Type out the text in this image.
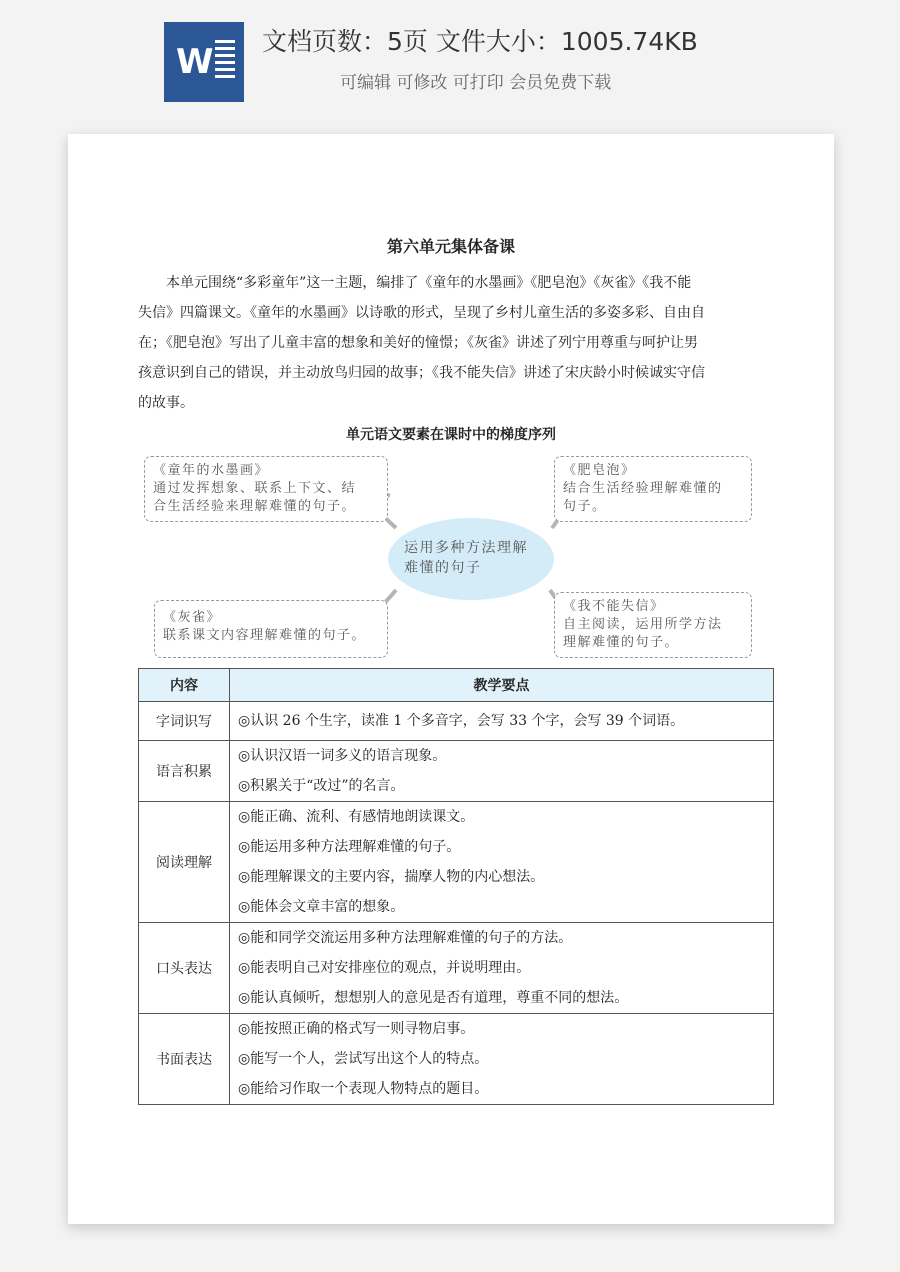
W
文档页数：5页 文件大小：1005.74KB
可编辑 可修改 可打印 会员免费下载
第六单元集体备课
本单元围绕“多彩童年”这一主题，编排了《童年的水墨画》《肥皂泡》《灰雀》《我不能
失信》四篇课文。《童年的水墨画》以诗歌的形式，呈现了乡村儿童生活的多姿多彩、自由自
在；《肥皂泡》写出了儿童丰富的想象和美好的憧憬；《灰雀》讲述了列宁用尊重与呵护让男
孩意识到自己的错误，并主动放鸟归园的故事；《我不能失信》讲述了宋庆龄小时候诚实守信
的故事。
单元语文要素在课时中的梯度序列
《童年的水墨画》
通过发挥想象、联系上下文、结
合生活经验来理解难懂的句子。
《肥皂泡》
结合生活经验理解难懂的
句子。
运用多种方法理解
难懂的句子
《灰雀》
联系课文内容理解难懂的句子。
《我不能失信》
自主阅读，运用所学方法
理解难懂的句子。
内容	教学要点
字词识写	◎认识 26 个生字，读准 1 个多音字，会写 33 个字，会写 39 个词语。

语言积累	◎认识汉语一词多义的语言现象。
◎积累关于“改过”的名言。

阅读理解	◎能正确、流利、有感情地朗读课文。
◎能运用多种方法理解难懂的句子。
◎能理解课文的主要内容，揣摩人物的内心想法。
◎能体会文章丰富的想象。

口头表达	◎能和同学交流运用多种方法理解难懂的句子的方法。
◎能表明自己对安排座位的观点，并说明理由。
◎能认真倾听，想想别人的意见是否有道理，尊重不同的想法。

书面表达	◎能按照正确的格式写一则寻物启事。
◎能写一个人，尝试写出这个人的特点。
◎能给习作取一个表现人物特点的题目。
